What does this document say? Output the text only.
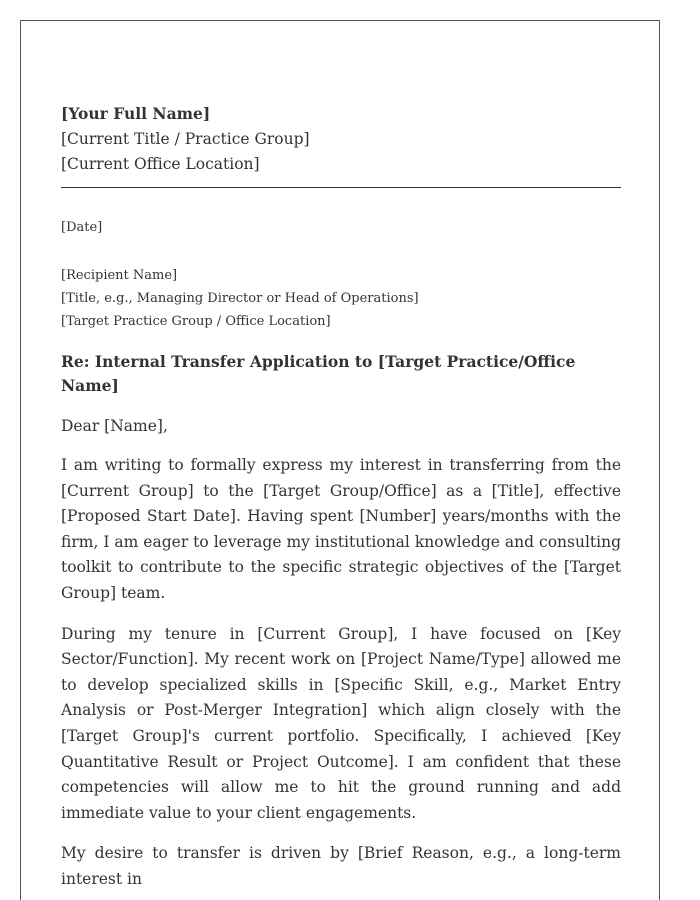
[Your Full Name]
[Current Title / Practice Group]
[Current Office Location]
[Date]
[Recipient Name]
[Title, e.g., Managing Director or Head of Operations]
[Target Practice Group / Office Location]
Re: Internal Transfer Application to [Target Practice/Office Name]
Dear [Name],
I am writing to formally express my interest in transferring from the [Current Group] to the [Target Group/Office] as a [Title], effective [Proposed Start Date]. Having spent [Number] years/months with the firm, I am eager to leverage my institutional knowledge and consulting toolkit to contribute to the specific strategic objectives of the [Target Group] team.
During my tenure in [Current Group], I have focused on [Key Sector/Function]. My recent work on [Project Name/Type] allowed me to develop specialized skills in [Specific Skill, e.g., Market Entry Analysis or Post-Merger Integration] which align closely with the [Target Group]'s current portfolio. Specifically, I achieved [Key Quantitative Result or Project Outcome]. I am confident that these competencies will allow me to hit the ground running and add immediate value to your client engagements.
My desire to transfer is driven by [Brief Reason, e.g., a long-term interest in
